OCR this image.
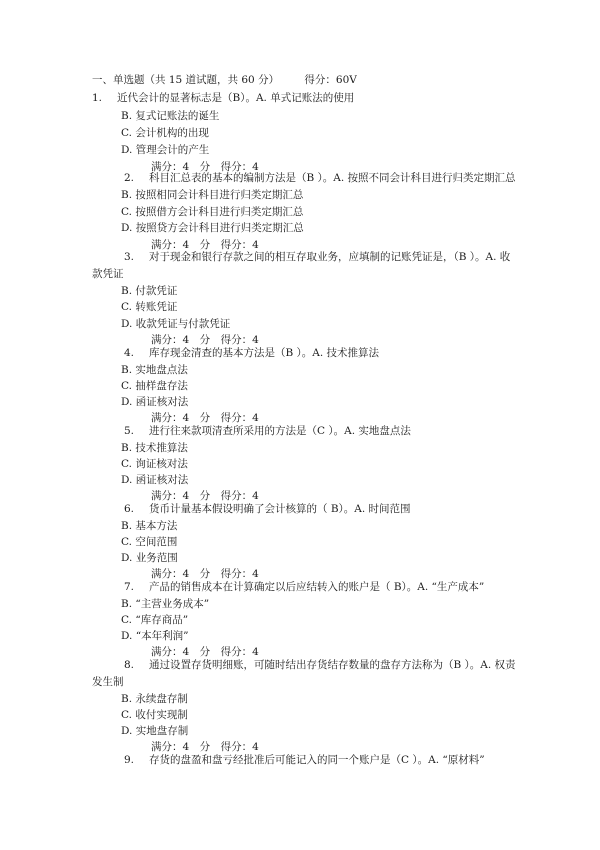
一、单选题（共 15 道试题，共 60 分） 得分：60V
1. 近代会计的显著标志是（B）。A. 单式记账法的使用
B. 复式记账法的诞生
C. 会计机构的出现
D. 管理会计的产生
满分：4　分　得分：4
2. 科目汇总表的基本的编制方法是（B ）。A. 按照不同会计科目进行归类定期汇总
B. 按照相同会计科目进行归类定期汇总
C. 按照借方会计科目进行归类定期汇总
D. 按照贷方会计科目进行归类定期汇总
满分：4　分　得分：4
3. 对于现金和银行存款之间的相互存取业务，应填制的记账凭证是，（B ）。A. 收
款凭证
B. 付款凭证
C. 转账凭证
D. 收款凭证与付款凭证
满分：4　分　得分：4
4. 库存现金清查的基本方法是（B ）。A. 技术推算法
B. 实地盘点法
C. 抽样盘存法
D. 函证核对法
满分：4　分　得分：4
5. 进行往来款项清查所采用的方法是（C ）。A. 实地盘点法
B. 技术推算法
C. 询证核对法
D. 函证核对法
满分：4　分　得分：4
6. 货币计量基本假设明确了会计核算的（ B）。A. 时间范围
B. 基本方法
C. 空间范围
D. 业务范围
满分：4　分　得分：4
7. 产品的销售成本在计算确定以后应结转入的账户是（ B）。A. “生产成本”
B. “主营业务成本”
C. “库存商品”
D. “本年利润”
满分：4　分　得分：4
8. 通过设置存货明细账，可随时结出存货结存数量的盘存方法称为（B ）。A. 权责
发生制
B. 永续盘存制
C. 收付实现制
D. 实地盘存制
满分：4　分　得分：4
9. 存货的盘盈和盘亏经批准后可能记入的同一个账户是（C ）。A. “原材料”
